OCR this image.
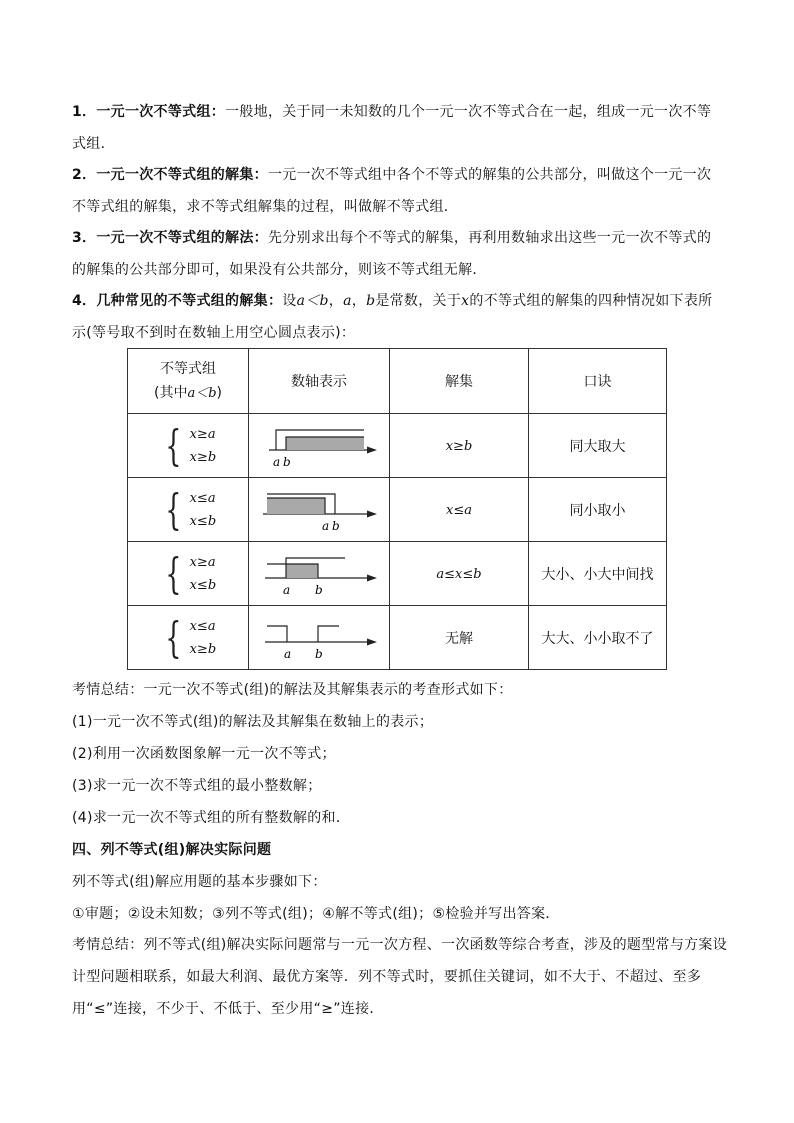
1．一元一次不等式组：一般地，关于同一未知数的几个一元一次不等式合在一起，组成一元一次不等式组．
2．一元一次不等式组的解集：一元一次不等式组中各个不等式的解集的公共部分，叫做这个一元一次不等式组的解集，求不等式组解集的过程，叫做解不等式组．
3．一元一次不等式组的解法：先分别求出每个不等式的解集，再利用数轴求出这些一元一次不等式的的解集的公共部分即可，如果没有公共部分，则该不等式组无解．
4．几种常见的不等式组的解集：设a＜b，a，b是常数，关于x的不等式组的解集的四种情况如下表所示(等号取不到时在数轴上用空心圆点表示)：
不等式组
(其中a＜b)	数轴表示	解集	口诀

{ x≥a
x≥b	a b	x≥b	同大取大

{ x≤a
x≤b	a b	x≤a	同小取小

{ x≥a
x≤b	a b	a≤x≤b	大小、小大中间找

{ x≤a
x≥b	a b	无解	大大、小小取不了
考情总结：一元一次不等式(组)的解法及其解集表示的考查形式如下：
(1)一元一次不等式(组)的解法及其解集在数轴上的表示；
(2)利用一次函数图象解一元一次不等式；
(3)求一元一次不等式组的最小整数解；
(4)求一元一次不等式组的所有整数解的和．
四、列不等式(组)解决实际问题
列不等式(组)解应用题的基本步骤如下：
①审题；②设未知数；③列不等式(组)；④解不等式(组)；⑤检验并写出答案．
考情总结：列不等式(组)解决实际问题常与一元一次方程、一次函数等综合考查，涉及的题型常与方案设计型问题相联系，如最大利润、最优方案等．列不等式时，要抓住关键词，如不大于、不超过、至多用“≤”连接，不少于、不低于、至少用“≥”连接．
